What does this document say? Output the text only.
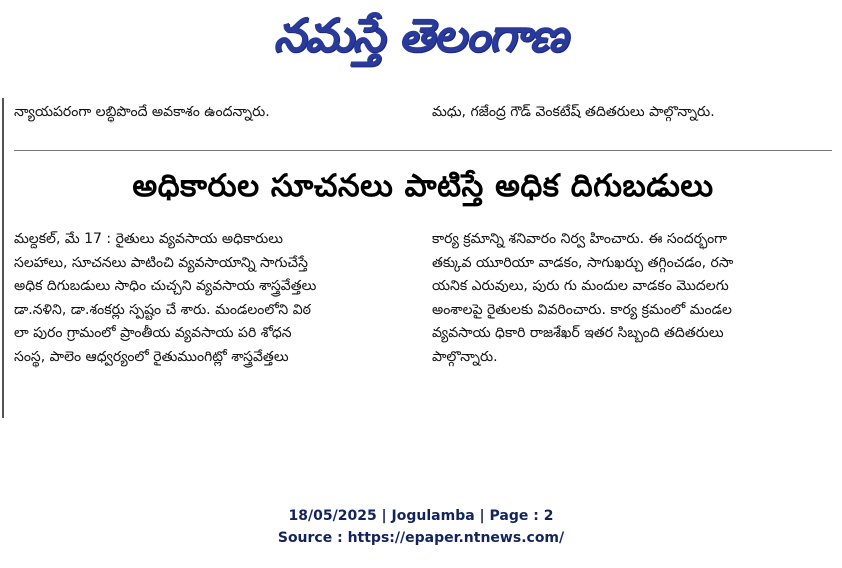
నమస్తే తెలంగాణ
న్యాయపరంగా లబ్ధిపొందే అవకాశం ఉందన్నారు.	మధు, గజేంద్ర గౌడ్ వెంకటేష్ తదితరులు పాల్గొన్నారు.
అధికారుల సూచనలు పాటిస్తే అధిక దిగుబడులు
మల్దకల్, మే 17 : రైతులు వ్యవసాయ అధికారులు
సలహాలు, సూచనలు పాటించి వ్యవసాయాన్ని సాగుచేస్తే
అధిక దిగుబడులు సాధిం చుచ్చని వ్యవసాయ శాస్త్రవేత్తలు
డా.నళిని, డా.శంకర్లు స్పష్టం చే శారు. మండలంలోని విఠ
లా పురం గ్రామంలో ప్రాంతీయ వ్యవసాయ పరి శోధన
సంస్థ, పాలెం ఆధ్వర్యంలో రైతుముంగిట్లో శాస్త్రవేత్తలు
కార్య క్రమాన్ని శనివారం నిర్వ హించారు. ఈ సందర్భంగా
తక్కువ యూరియా వాడకం, సాగుఖర్చు తగ్గించడం, రసా
యనిక ఎరువులు, పురు గు మందుల వాడకం మొదలగు
అంశాలపై రైతులకు వివరించారు. కార్య క్రమంలో మండల
వ్యవసాయ ధికారి రాజశేఖర్ ఇతర సిబ్బంది తదితరులు
పాల్గొన్నారు.
18/05/2025 | Jogulamba | Page : 2
Source : https://epaper.ntnews.com/
